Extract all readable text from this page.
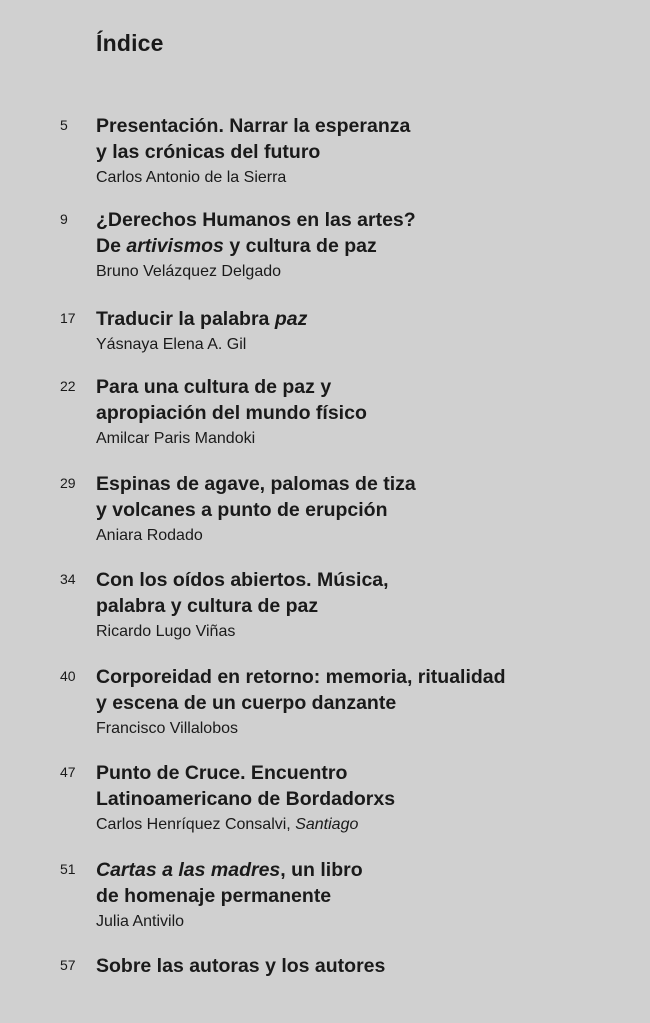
Índice
5 Presentación. Narrar la esperanza
y las crónicas del futuro
Carlos Antonio de la Sierra
9 ¿Derechos Humanos en las artes?
De artivismos y cultura de paz
Bruno Velázquez Delgado
17 Traducir la palabra paz
Yásnaya Elena A. Gil
22 Para una cultura de paz y
apropiación del mundo físico
Amilcar Paris Mandoki
29 Espinas de agave, palomas de tiza
y volcanes a punto de erupción
Aniara Rodado
34 Con los oídos abiertos. Música,
palabra y cultura de paz
Ricardo Lugo Viñas
40 Corporeidad en retorno: memoria, ritualidad
y escena de un cuerpo danzante
Francisco Villalobos
47 Punto de Cruce. Encuentro
Latinoamericano de Bordadorxs
Carlos Henríquez Consalvi, Santiago
51 Cartas a las madres, un libro
de homenaje permanente
Julia Antivilo
57 Sobre las autoras y los autores
